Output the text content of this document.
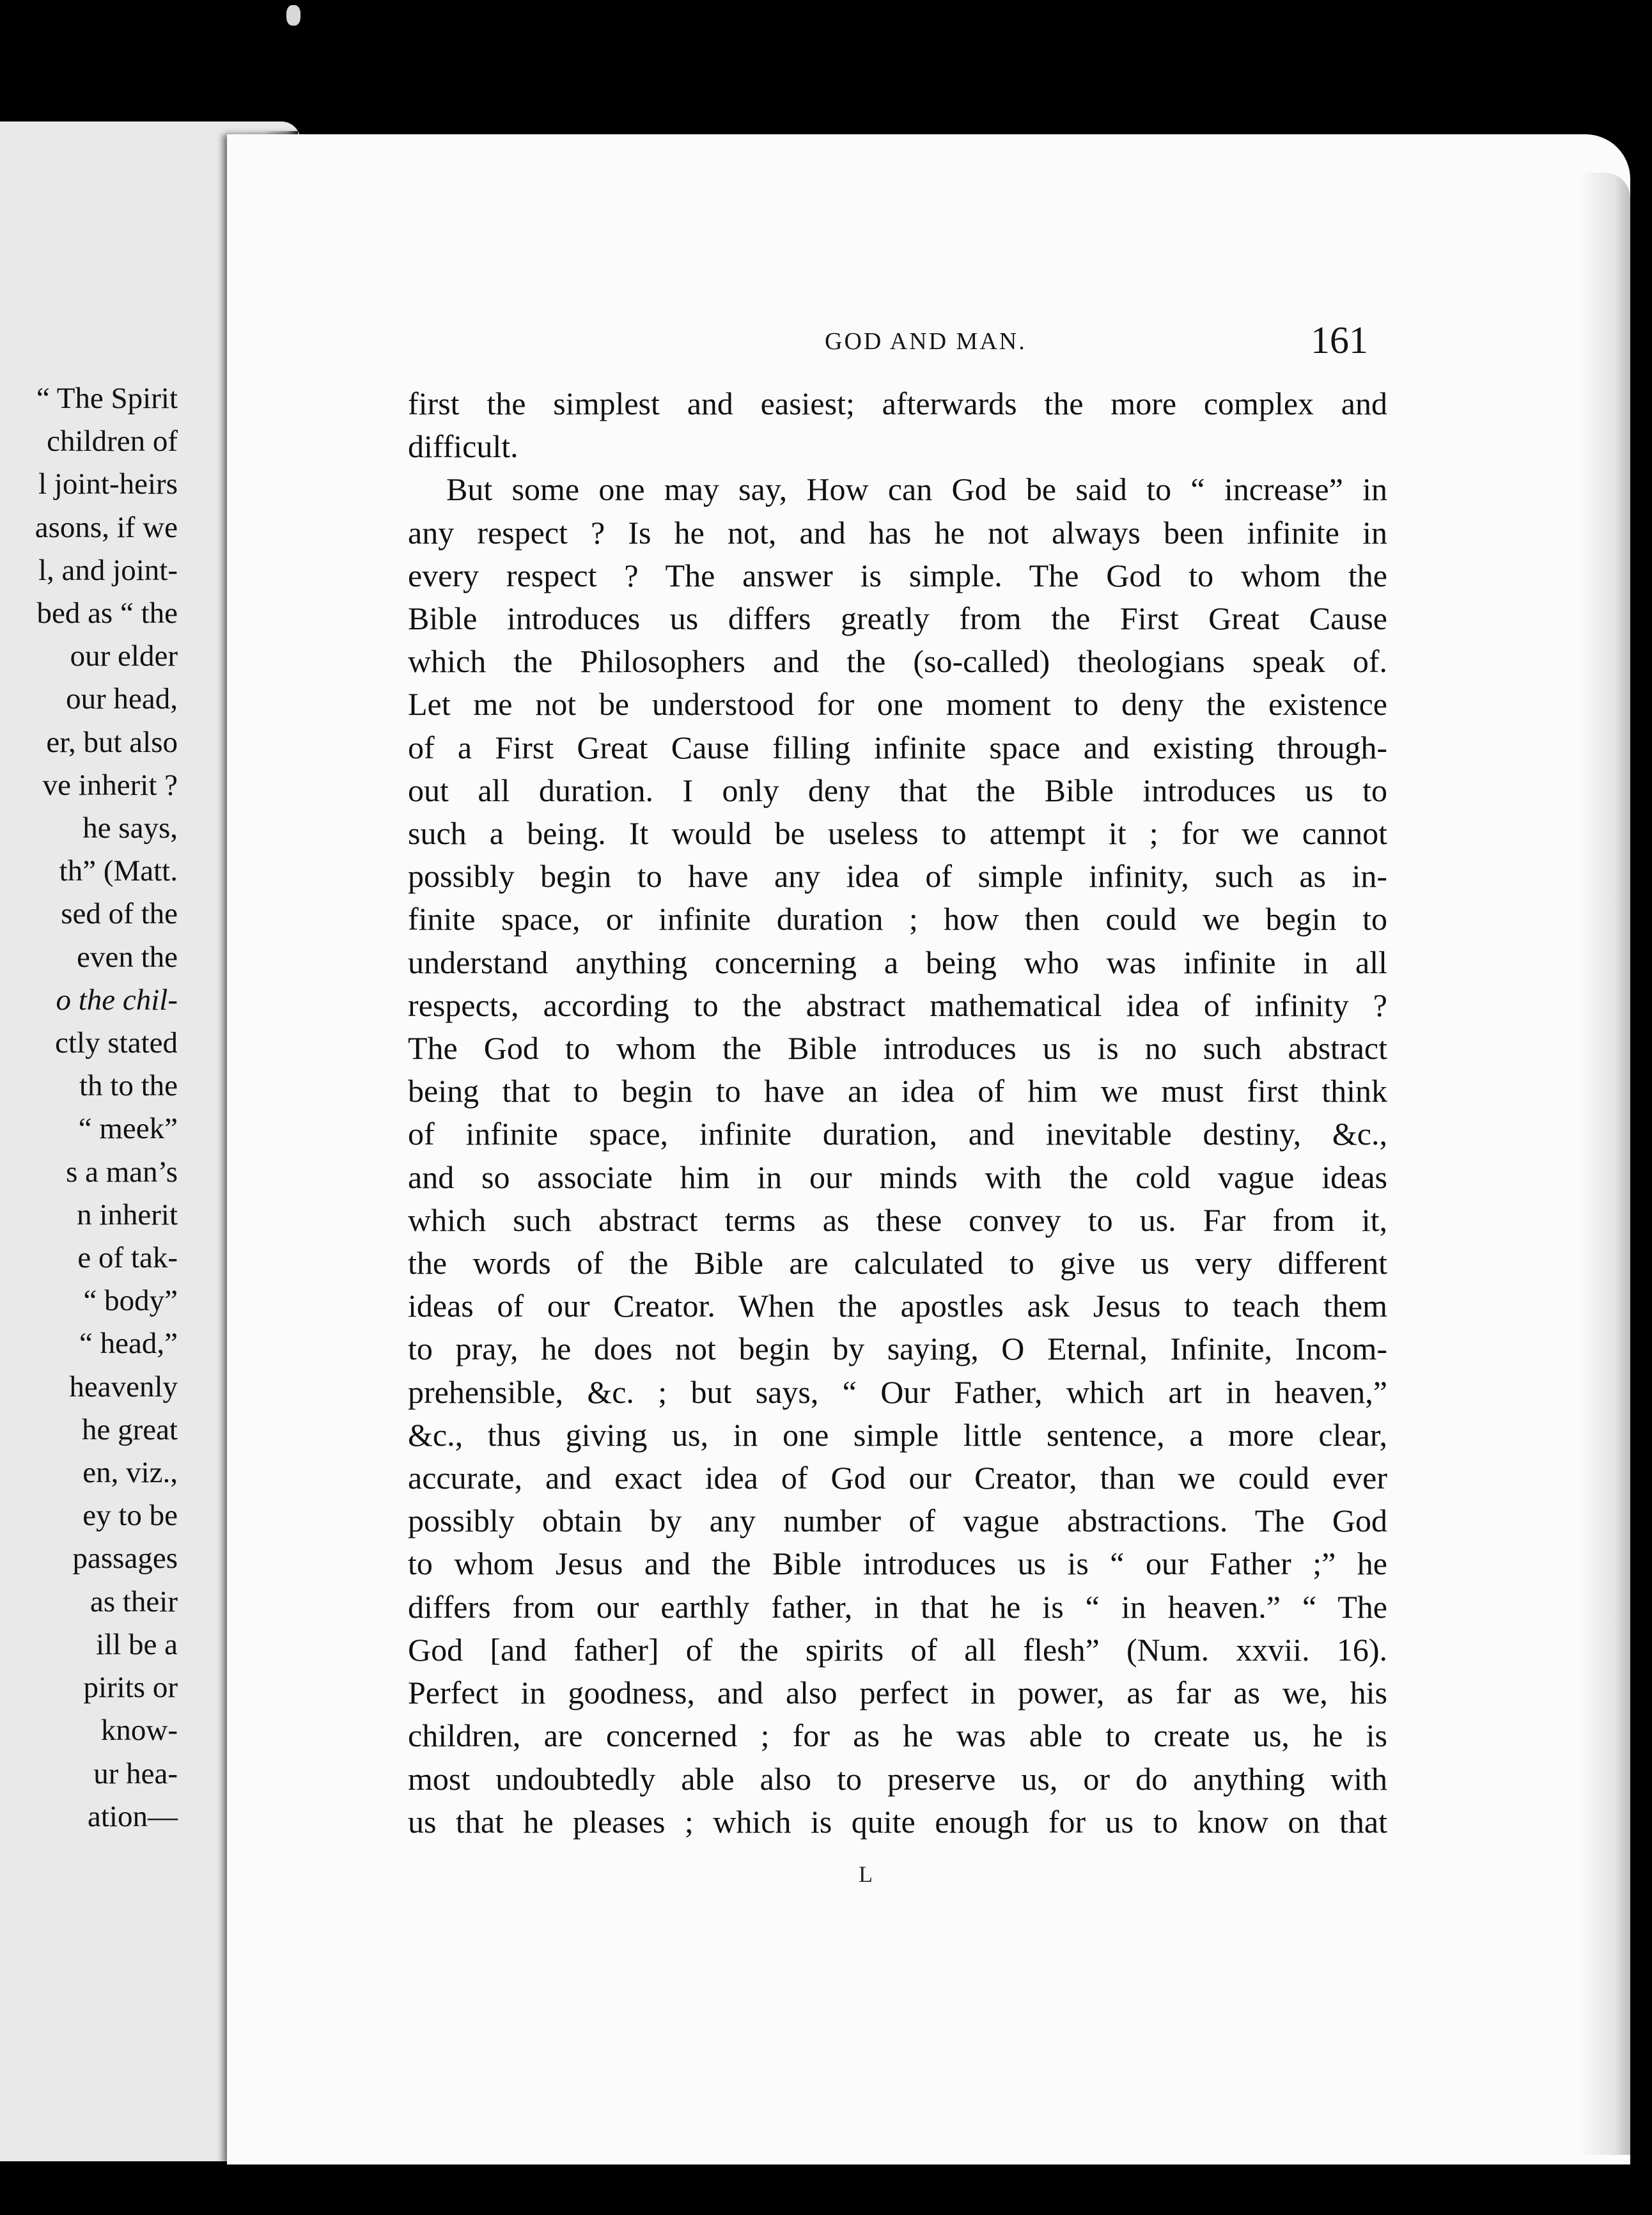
“ The Spirit
children of
l joint-heirs
asons, if we
l, and joint-
bed as “ the
our elder
our head,
er, but also
ve inherit ?
he says,
th” (Matt.
sed of the
even the
o the chil-
ctly stated
th to the
“ meek”
s a man’s
n inherit
e of tak-
“ body”
“ head,”
heavenly
he great
en, viz.,
ey to be
passages
as their
ill be a
pirits or
know-
ur hea-
ation—
GOD AND MAN.	161
first the simplest and easiest; afterwards the more complex and
difficult.
But some one may say, How can God be said to “ increase” in
any respect ? Is he not, and has he not always been infinite in
every respect ? The answer is simple. The God to whom the
Bible introduces us differs greatly from the First Great Cause
which the Philosophers and the (so-called) theologians speak of.
Let me not be understood for one moment to deny the existence
of a First Great Cause filling infinite space and existing through-
out all duration. I only deny that the Bible introduces us to
such a being. It would be useless to attempt it ; for we cannot
possibly begin to have any idea of simple infinity, such as in-
finite space, or infinite duration ; how then could we begin to
understand anything concerning a being who was infinite in all
respects, according to the abstract mathematical idea of infinity ?
The God to whom the Bible introduces us is no such abstract
being that to begin to have an idea of him we must first think
of infinite space, infinite duration, and inevitable destiny, &c.,
and so associate him in our minds with the cold vague ideas
which such abstract terms as these convey to us. Far from it,
the words of the Bible are calculated to give us very different
ideas of our Creator. When the apostles ask Jesus to teach them
to pray, he does not begin by saying, O Eternal, Infinite, Incom-
prehensible, &c. ; but says, “ Our Father, which art in heaven,”
&c., thus giving us, in one simple little sentence, a more clear,
accurate, and exact idea of God our Creator, than we could ever
possibly obtain by any number of vague abstractions. The God
to whom Jesus and the Bible introduces us is “ our Father ;” he
differs from our earthly father, in that he is “ in heaven.” “ The
God [and father] of the spirits of all flesh” (Num. xxvii. 16).
Perfect in goodness, and also perfect in power, as far as we, his
children, are concerned ; for as he was able to create us, he is
most undoubtedly able also to preserve us, or do anything with
us that he pleases ; which is quite enough for us to know on that
L
